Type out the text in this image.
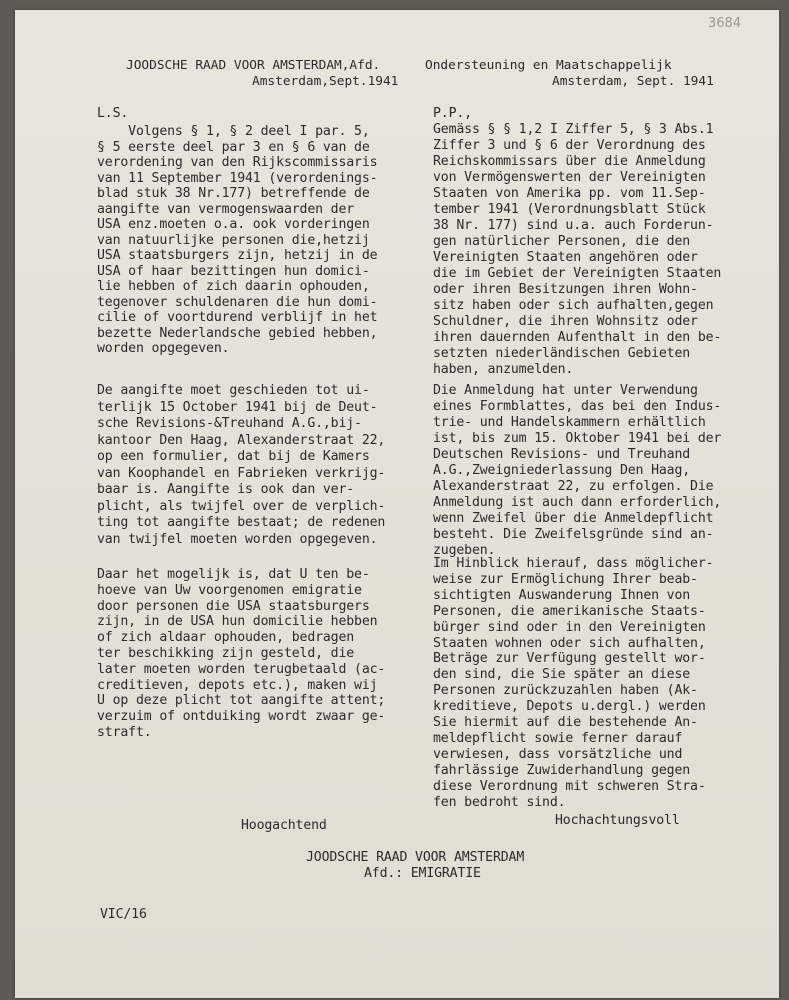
3684
JOODSCHE RAAD VOOR AMSTERDAM,Afd.
Amsterdam,Sept.1941
Ondersteuning en Maatschappelijk
Amsterdam, Sept. 1941
L.S.
Volgens § 1, § 2 deel I par. 5,
§ 5 eerste deel par 3 en § 6 van de
verordening van den Rijkscommissaris
van 11 September 1941 (verordenings-
blad stuk 38 Nr.177) betreffende de
aangifte van vermogenswaarden der
USA enz.moeten o.a. ook vorderingen
van natuurlijke personen die,hetzij
USA staatsburgers zijn, hetzij in de
USA of haar bezittingen hun domici-
lie hebben of zich daarin ophouden,
tegenover schuldenaren die hun domi-
cilie of voortdurend verblijf in het
bezette Nederlandsche gebied hebben,
worden opgegeven.
De aangifte moet geschieden tot ui-
terlijk 15 October 1941 bij de Deut-
sche Revisions-&Treuhand A.G.,bij-
kantoor Den Haag, Alexanderstraat 22,
op een formulier, dat bij de Kamers
van Koophandel en Fabrieken verkrijg-
baar is. Aangifte is ook dan ver-
plicht, als twijfel over de verplich-
ting tot aangifte bestaat; de redenen
van twijfel moeten worden opgegeven.
Daar het mogelijk is, dat U ten be-
hoeve van Uw voorgenomen emigratie
door personen die USA staatsburgers
zijn, in de USA hun domicilie hebben
of zich aldaar ophouden, bedragen
ter beschikking zijn gesteld, die
later moeten worden terugbetaald (ac-
creditieven, depots etc.), maken wij
U op deze plicht tot aangifte attent;
verzuim of ontduiking wordt zwaar ge-
straft.
Hoogachtend
P.P.,
Gemäss § § 1,2 I Ziffer 5, § 3 Abs.1
Ziffer 3 und § 6 der Verordnung des
Reichskommissars über die Anmeldung
von Vermögenswerten der Vereinigten
Staaten von Amerika pp. vom 11.Sep-
tember 1941 (Verordnungsblatt Stück
38 Nr. 177) sind u.a. auch Forderun-
gen natürlicher Personen, die den
Vereinigten Staaten angehören oder
die im Gebiet der Vereinigten Staaten
oder ihren Besitzungen ihren Wohn-
sitz haben oder sich aufhalten,gegen
Schuldner, die ihren Wohnsitz oder
ihren dauernden Aufenthalt in den be-
setzten niederländischen Gebieten
haben, anzumelden.
Die Anmeldung hat unter Verwendung
eines Formblattes, das bei den Indus-
trie- und Handelskammern erhältlich
ist, bis zum 15. Oktober 1941 bei der
Deutschen Revisions- und Treuhand
A.G.,Zweigniederlassung Den Haag,
Alexanderstraat 22, zu erfolgen. Die
Anmeldung ist auch dann erforderlich,
wenn Zweifel über die Anmeldepflicht
besteht. Die Zweifelsgründe sind an-
zugeben.
Im Hinblick hierauf, dass möglicher-
weise zur Ermöglichung Ihrer beab-
sichtigten Auswanderung Ihnen von
Personen, die amerikanische Staats-
bürger sind oder in den Vereinigten
Staaten wohnen oder sich aufhalten,
Beträge zur Verfügung gestellt wor-
den sind, die Sie später an diese
Personen zurückzuzahlen haben (Ak-
kreditieve, Depots u.dergl.) werden
Sie hiermit auf die bestehende An-
meldepflicht sowie ferner darauf
verwiesen, dass vorsätzliche und
fahrlässige Zuwiderhandlung gegen
diese Verordnung mit schweren Stra-
fen bedroht sind.
Hochachtungsvoll
JOODSCHE RAAD VOOR AMSTERDAM
Afd.: EMIGRATIE
VIC/16
